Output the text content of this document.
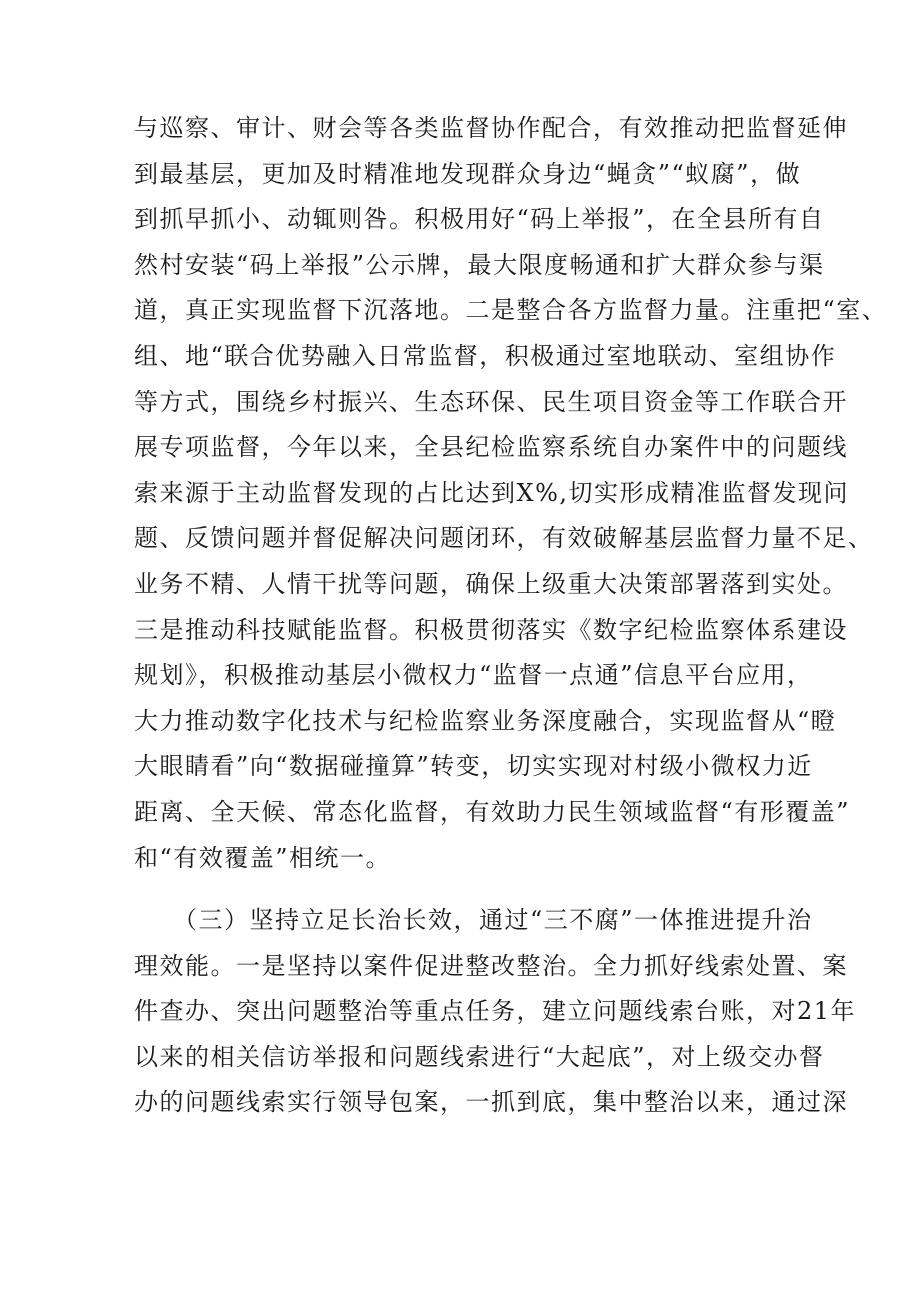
与巡察、审计、财会等各类监督协作配合，有效推动把监督延伸
到最基层，更加及时精准地发现群众身边“蝇贪”“蚁腐”，做
到抓早抓小、动辄则咎。积极用好“码上举报”，在全县所有自
然村安装“码上举报”公示牌，最大限度畅通和扩大群众参与渠
道，真正实现监督下沉落地。二是整合各方监督力量。注重把“室、
组、地“联合优势融入日常监督，积极通过室地联动、室组协作
等方式，围绕乡村振兴、生态环保、民生项目资金等工作联合开
展专项监督，今年以来，全县纪检监察系统自办案件中的问题线
索来源于主动监督发现的占比达到X%,切实形成精准监督发现问
题、反馈问题并督促解决问题闭环，有效破解基层监督力量不足、
业务不精、人情干扰等问题，确保上级重大决策部署落到实处。
三是推动科技赋能监督。积极贯彻落实《数字纪检监察体系建设
规划》，积极推动基层小微权力“监督一点通”信息平台应用，
大力推动数字化技术与纪检监察业务深度融合，实现监督从“瞪
大眼睛看”向“数据碰撞算”转变，切实实现对村级小微权力近
距离、全天候、常态化监督，有效助力民生领域监督“有形覆盖”
和“有效覆盖”相统一。
　　（三）坚持立足长治长效，通过“三不腐”一体推进提升治
理效能。一是坚持以案件促进整改整治。全力抓好线索处置、案
件查办、突出问题整治等重点任务，建立问题线索台账，对21年
以来的相关信访举报和问题线索进行“大起底”，对上级交办督
办的问题线索实行领导包案，一抓到底，集中整治以来，通过深
